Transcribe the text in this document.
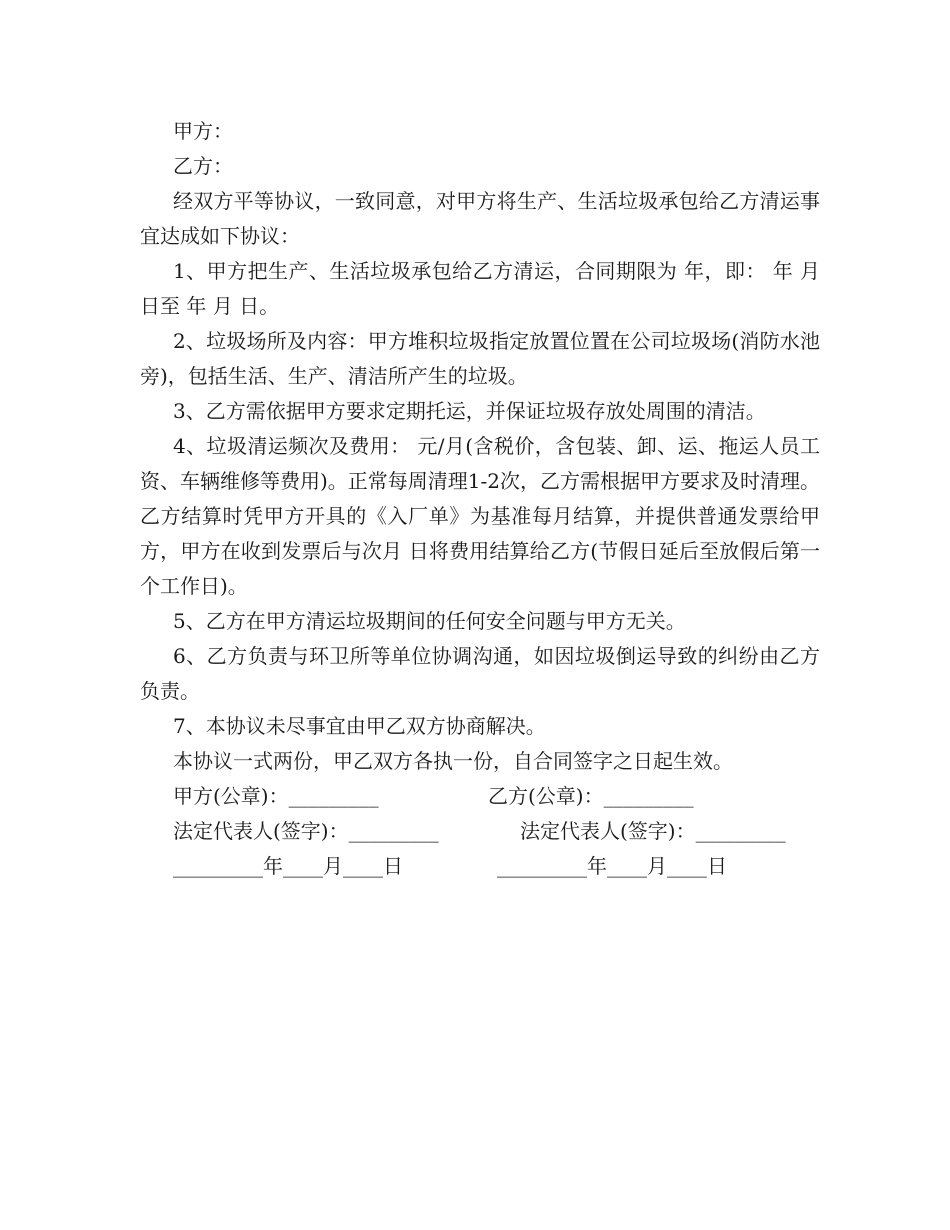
甲方：

乙方：

经双方平等协议，一致同意，对甲方将生产、生活垃圾承包给乙方清运事宜达成如下协议：

1、甲方把生产、生活垃圾承包给乙方清运，合同期限为 年，即： 年 月 日至 年 月 日。

2、垃圾场所及内容：甲方堆积垃圾指定放置位置在公司垃圾场(消防水池旁)，包括生活、生产、清洁所产生的垃圾。

3、乙方需依据甲方要求定期托运，并保证垃圾存放处周围的清洁。

4、垃圾清运频次及费用： 元/月(含税价，含包装、卸、运、拖运人员工资、车辆维修等费用)。正常每周清理1-2次，乙方需根据甲方要求及时清理。乙方结算时凭甲方开具的《入厂单》为基准每月结算，并提供普通发票给甲方，甲方在收到发票后与次月 日将费用结算给乙方(节假日延后至放假后第一个工作日)。

5、乙方在甲方清运垃圾期间的任何安全问题与甲方无关。

6、乙方负责与环卫所等单位协调沟通，如因垃圾倒运导致的纠纷由乙方负责。

7、本协议未尽事宜由甲乙双方协商解决。

本协议一式两份，甲乙双方各执一份，自合同签字之日起生效。

甲方(公章)：_________	乙方(公章)：_________
法定代表人(签字)：_________	法定代表人(签字)：_________
_________年____月____日	_________年____月____日
